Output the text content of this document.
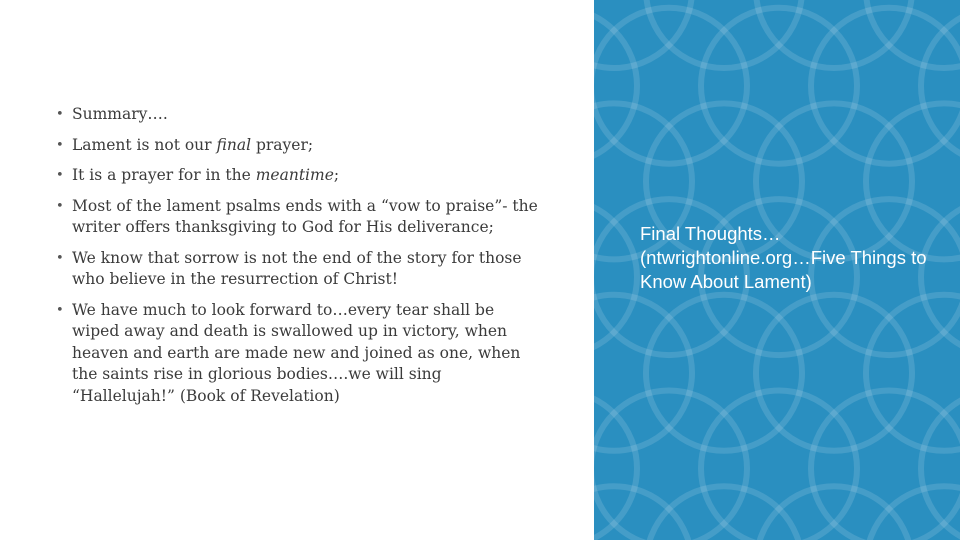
• Summary….
• Lament is not our final prayer;
• It is a prayer for in the meantime;
• Most of the lament psalms ends with a “vow to praise”- the writer offers thanksgiving to God for His deliverance;
• We know that sorrow is not the end of the story for those who believe in the resurrection of Christ!
• We have much to look forward to…every tear shall be wiped away and death is swallowed up in victory, when heaven and earth are made new and joined as one, when the saints rise in glorious bodies….we will sing “Hallelujah!” (Book of Revelation)
Final Thoughts… (ntwrightonline.org…Five Things to Know About Lament)
